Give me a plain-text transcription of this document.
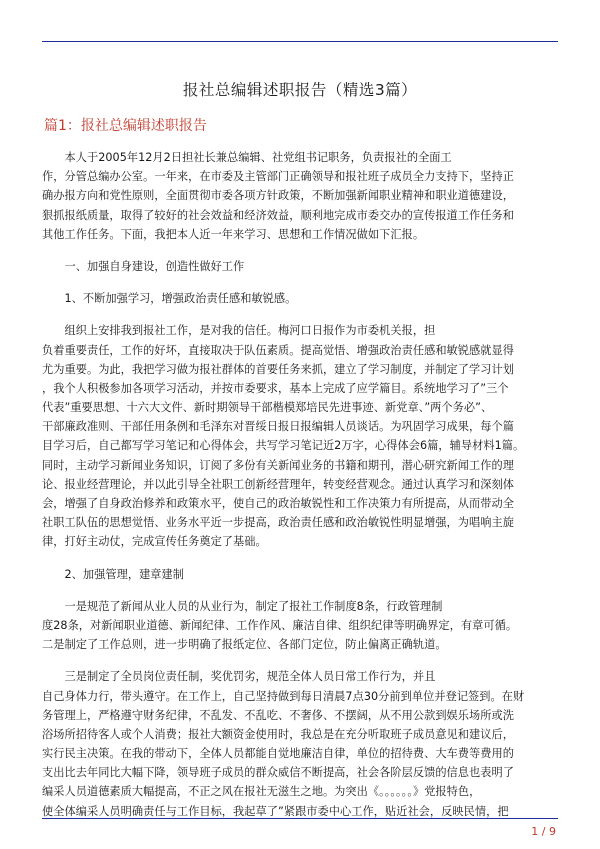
报社总编辑述职报告（精选3篇）
篇1：报社总编辑述职报告
　　本人于2005年12月2日担社长兼总编辑、社党组书记职务，负责报社的全面工
作，分管总编办公室。一年来，在市委及主管部门正确领导和报社班子成员全力支持下，坚持正
确办报方向和党性原则，全面贯彻市委各项方针政策，不断加强新闻职业精神和职业道德建设，
狠抓报纸质量，取得了较好的社会效益和经济效益，顺利地完成市委交办的宣传报道工作任务和
其他工作任务。下面，我把本人近一年来学习、思想和工作情况做如下汇报。
　　一、加强自身建设，创造性做好工作
　　1、不断加强学习，增强政治责任感和敏锐感。
　　组织上安排我到报社工作，是对我的信任。梅河口日报作为市委机关报，担
负着重要责任，工作的好坏，直接取决于队伍素质。提高觉悟、增强政治责任感和敏锐感就显得
尤为重要。为此，我把学习做为报社群体的首要任务来抓，建立了学习制度，并制定了学习计划
，我个人积极参加各项学习活动，并按市委要求，基本上完成了应学篇目。系统地学习了”三个
代表”重要思想、十六大文件、新时期领导干部楷模郑培民先进事迹、新党章、”两个务必”、
干部廉政准则、干部任用条例和毛泽东对晋绥日报日报编辑人员谈话。为巩固学习成果，每个篇
目学习后，自己都写学习笔记和心得体会，共写学习笔记近2万字，心得体会6篇，辅导材料1篇。
同时，主动学习新闻业务知识，订阅了多份有关新闻业务的书籍和期刊，潜心研究新闻工作的理
论、报业经营理论，并以此引导全社职工创新经营理年，转变经营观念。通过认真学习和深刻体
会，增强了自身政治修养和政策水平，使自己的政治敏锐性和工作决策力有所提高，从而带动全
社职工队伍的思想觉悟、业务水平近一步提高，政治责任感和政治敏锐性明显增强，为唱响主旋
律，打好主动仗，完成宣传任务奠定了基础。
　　2、加强管理，建章建制
　　一是规范了新闻从业人员的从业行为，制定了报社工作制度8条，行政管理制
度28条，对新闻职业道德、新闻纪律、工作作风、廉洁自律、组织纪律等明确界定，有章可循。
二是制定了工作总则，进一步明确了报纸定位、各部门定位，防止偏离正确轨道。
　　三是制定了全员岗位责任制，奖优罚劣，规范全体人员日常工作行为，并且
自己身体力行，带头遵守。在工作上，自己坚持做到每日清晨7点30分前到单位并登记签到。在财
务管理上，严格遵守财务纪律，不乱发、不乱吃、不奢侈、不摆阔，从不用公款到娱乐场所或洗
浴场所招待客人或个人消费；报社大额资金使用时，我总是在充分听取班子成员意见和建议后，
实行民主决策。在我的带动下，全体人员都能自觉地廉洁自律，单位的招待费、大车费等费用的
支出比去年同比大幅下降，领导班子成员的群众威信不断提高，社会各阶层反馈的信息也表明了
编采人员道德素质大幅提高，不正之风在报社无滋生之地。为突出《。。。。。。》党报特色，
使全体编采人员明确责任与工作目标，我起草了”紧跟市委中心工作，贴近社会，反映民情，把
1 / 9
